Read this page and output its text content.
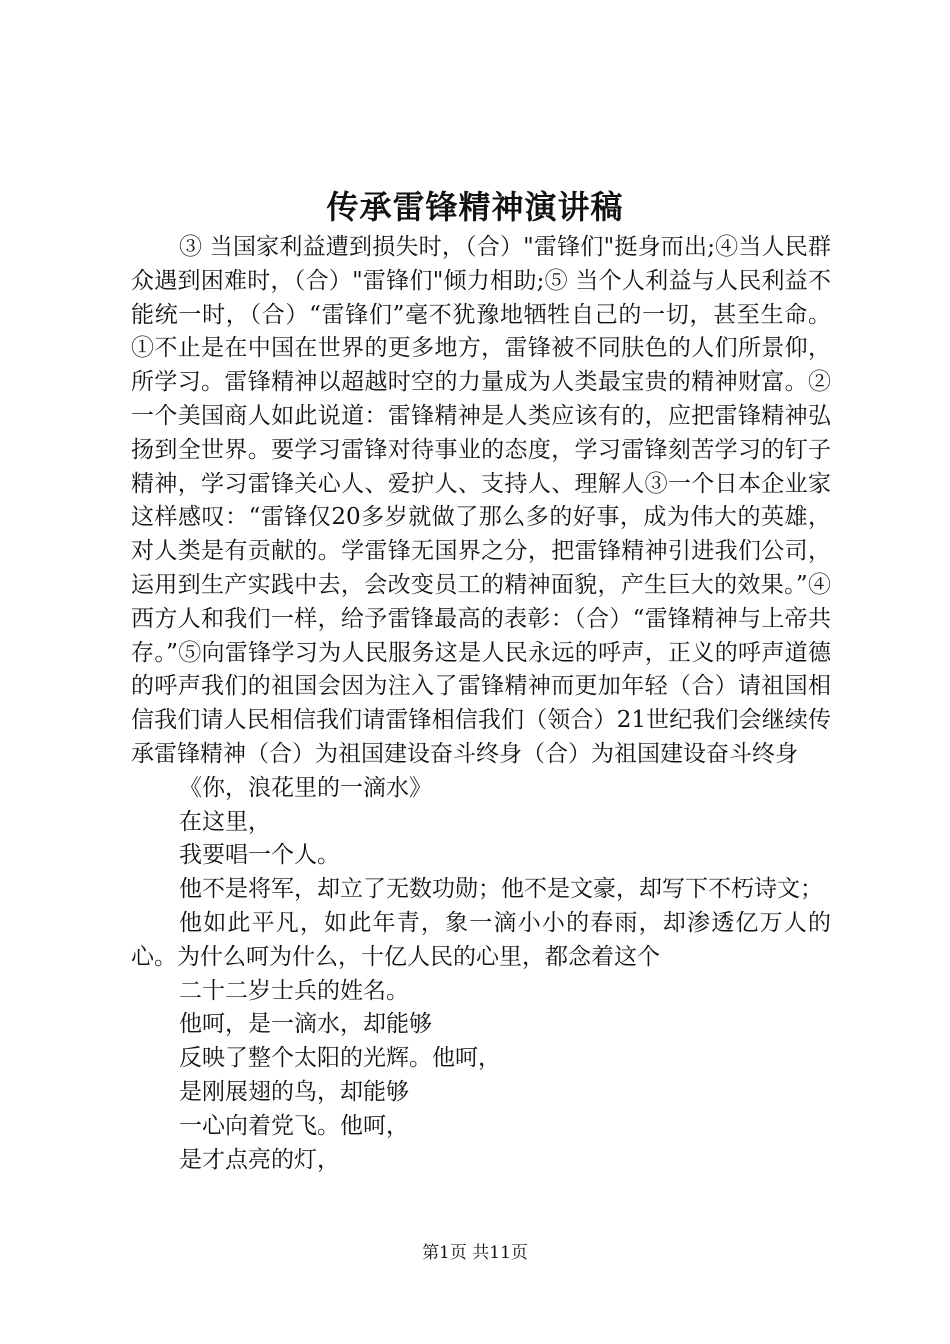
传承雷锋精神演讲稿

③ 当国家利益遭到损失时，（合）"雷锋们"挺身而出;④当人民群众遇到困难时，（合）"雷锋们"倾力相助;⑤ 当个人利益与人民利益不能统一时，（合）“雷锋们”毫不犹豫地牺牲自己的一切，甚至生命。①不止是在中国在世界的更多地方，雷锋被不同肤色的人们所景仰，所学习。雷锋精神以超越时空的力量成为人类最宝贵的精神财富。②一个美国商人如此说道：雷锋精神是人类应该有的，应把雷锋精神弘扬到全世界。要学习雷锋对待事业的态度，学习雷锋刻苦学习的钉子精神，学习雷锋关心人、爱护人、支持人、理解人③一个日本企业家这样感叹：“雷锋仅20多岁就做了那么多的好事，成为伟大的英雄，对人类是有贡献的。学雷锋无国界之分，把雷锋精神引进我们公司，运用到生产实践中去，会改变员工的精神面貌，产生巨大的效果。”④西方人和我们一样，给予雷锋最高的表彰：（合）“雷锋精神与上帝共存。”⑤向雷锋学习为人民服务这是人民永远的呼声，正义的呼声道德的呼声我们的祖国会因为注入了雷锋精神而更加年轻（合）请祖国相信我们请人民相信我们请雷锋相信我们（领合）21世纪我们会继续传承雷锋精神（合）为祖国建设奋斗终身（合）为祖国建设奋斗终身

《你，浪花里的一滴水》

在这里，

我要唱一个人。

他不是将军，却立了无数功勋；他不是文豪，却写下不朽诗文；

他如此平凡，如此年青，象一滴小小的春雨，却渗透亿万人的心。为什么呵为什么，十亿人民的心里，都念着这个

二十二岁士兵的姓名。

他呵，是一滴水，却能够

反映了整个太阳的光辉。他呵，

是刚展翅的鸟，却能够

一心向着党飞。他呵，

是才点亮的灯，

第1页 共11页
